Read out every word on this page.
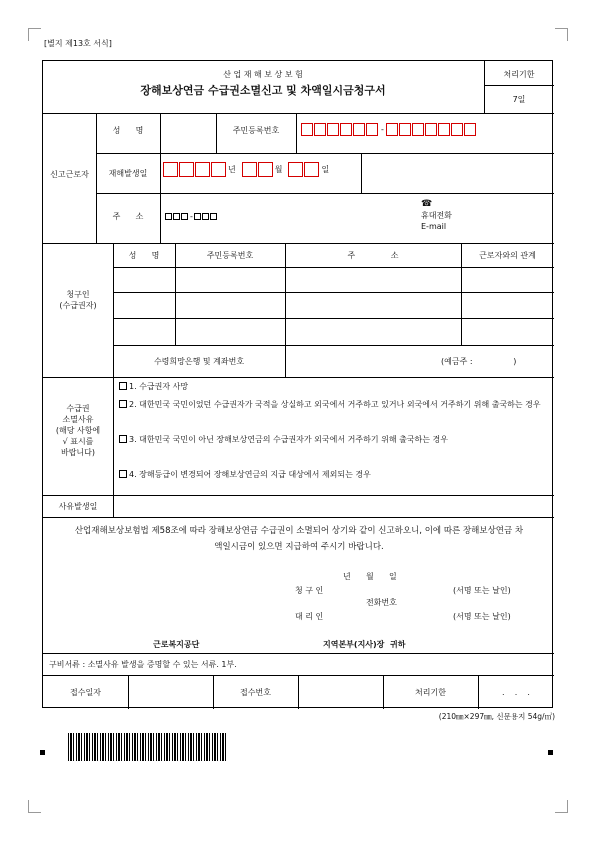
[별지 제13호 서식]
산 업 재 해 보 상 보 험
장해보상연금 수급권소멸신고 및 차액일시금청구서
처리기한
7일
신고근로자
성      명	주민등록번호	-
재해발생일	년	월	일
주      소	-
☎
휴대전화
E-mail
청구인
(수급권자)
성      명	주민등록번호	주              소	근로자와의 관계
수령희망은행 및 계좌번호	(예금주 :                )
수급권
소멸사유
(해당 사항에
√ 표시를
바랍니다)
1. 수급권자 사망
2. 대한민국 국민이었던 수급권자가 국적을 상실하고 외국에서 거주하고 있거나 외국에서 거주하기 위해 출국하는 경우
3. 대한민국 국민이 아닌 장해보상연금의 수급권자가 외국에서 거주하기 위해 출국하는 경우
4. 장해등급이 변경되어 장해보상연금의 지급 대상에서 제외되는 경우
사유발생일
산업재해보상보험법 제58조에 따라 장해보상연금 수급권이 소멸되어 상기와 같이 신고하오니, 이에 따른 장해보상연금 차액일시금이 있으면 지급하여 주시기 바랍니다.
년      월      일
청 구 인	(서명 또는 날인)
전화번호
대 리 인	(서명 또는 날인)
근로복지공단	지역본부(지사)장  귀하
구비서류 : 소멸사유 발생을 증명할 수 있는 서류. 1부.
접수일자	접수번호	처리기한	.    .    .
(210㎜×297㎜, 신문용지 54g/㎡)
